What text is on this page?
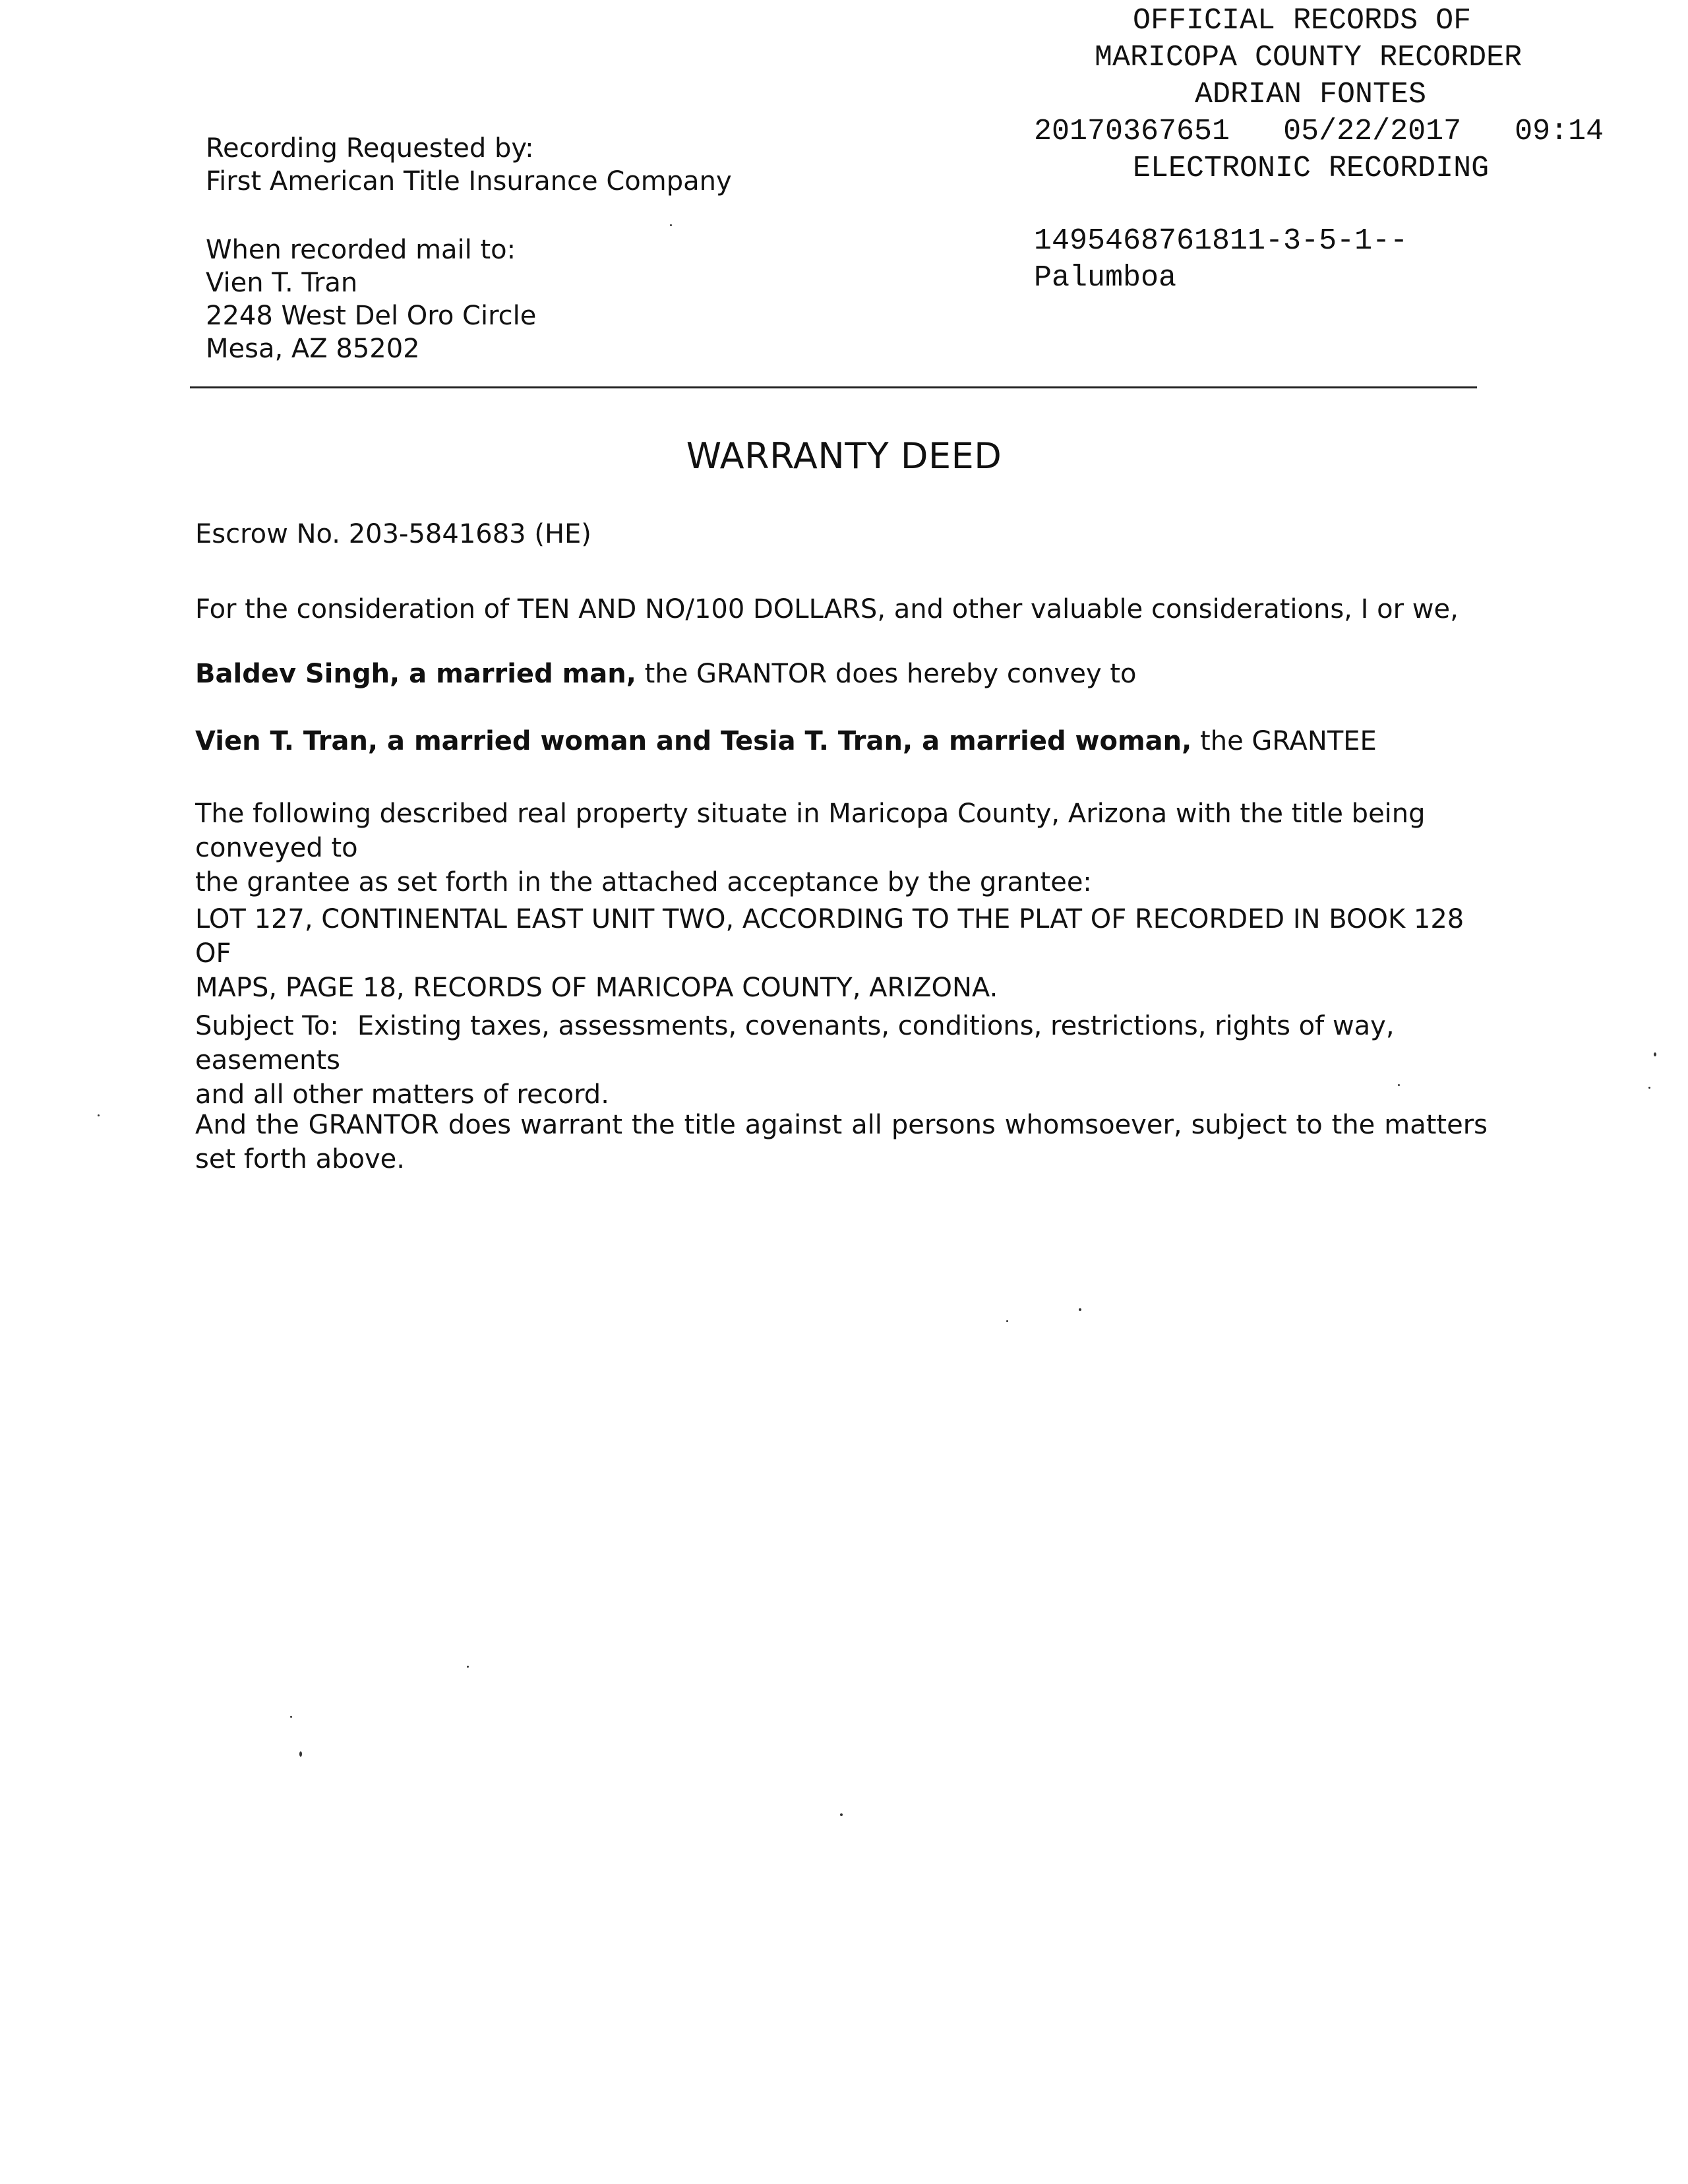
OFFICIAL RECORDS OF
MARICOPA COUNTY RECORDER
ADRIAN FONTES
20170367651 05/22/2017 09:14
ELECTRONIC RECORDING
1495468761811-3-5-1--
Palumboa
Recording Requested by:
First American Title Insurance Company
When recorded mail to:
Vien T. Tran
2248 West Del Oro Circle
Mesa, AZ 85202
WARRANTY DEED
Escrow No. 203-5841683 (HE)
For the consideration of TEN AND NO/100 DOLLARS, and other valuable considerations, I or we,
Baldev Singh, a married man, the GRANTOR does hereby convey to
Vien T. Tran, a married woman and Tesia T. Tran, a married woman, the GRANTEE
The following described real property situate in Maricopa County, Arizona with the title being conveyed to
the grantee as set forth in the attached acceptance by the grantee:
LOT 127, CONTINENTAL EAST UNIT TWO, ACCORDING TO THE PLAT OF RECORDED IN BOOK 128 OF
MAPS, PAGE 18, RECORDS OF MARICOPA COUNTY, ARIZONA.
Subject To: Existing taxes, assessments, covenants, conditions, restrictions, rights of way, easements
and all other matters of record.
And the GRANTOR does warrant the title against all persons whomsoever, subject to the matters set forth above.
